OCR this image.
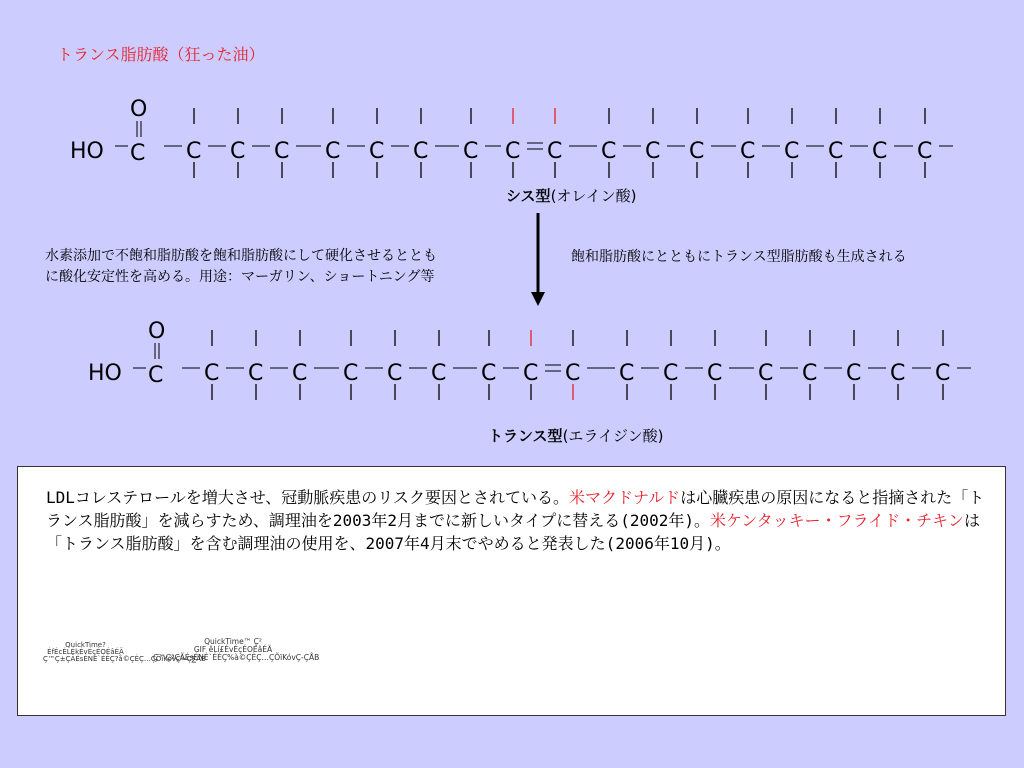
トランス脂肪酸（狂った油）
O
HO C C C C C C C C C C C C C C C C C C
O
HO C C C C C C C C C C C C C C C C C C
シス型(オレイン酸)
トランス型(エライジン酸)
水素添加で不飽和脂肪酸を飽和脂肪酸にして硬化させるととも
に酸化安定性を高める。用途：マーガリン、ショートニング等
飽和脂肪酸にとともにトランス型脂肪酸も生成される
LDLコレステロールを増大させ、冠動脈疾患のリスク要因とされている。米マクドナルドは心臓疾患の原因になると指摘された「トランス脂肪酸」を減らすため、調理油を2003年2月までに新しいタイプに替える(2002年)。米ケンタッキー・フライド・チキンは「トランス脂肪酸」を含む調理油の使用を、2007年4月末でやめると発表した(2006年10月)。
QuickTime?
ÉfÉcÉLÉkÉvÉçÉOÉâÉÄ
Ç™Ç±ÇÃÉsÉNÉ`ÉÉÇ?å©ÇÈÇ…ÇÕïKóvÇ≈Ç∑ÅB
QuickTime™ Ç²
GIF êLí£ÉvÉçÉOÉâÉÄ
Ç™ÇªÇÃÉsÉNÉ`ÉÉÇ%à©ÇÈÇ…ÇÕïKóvÇ-ÇÅB
